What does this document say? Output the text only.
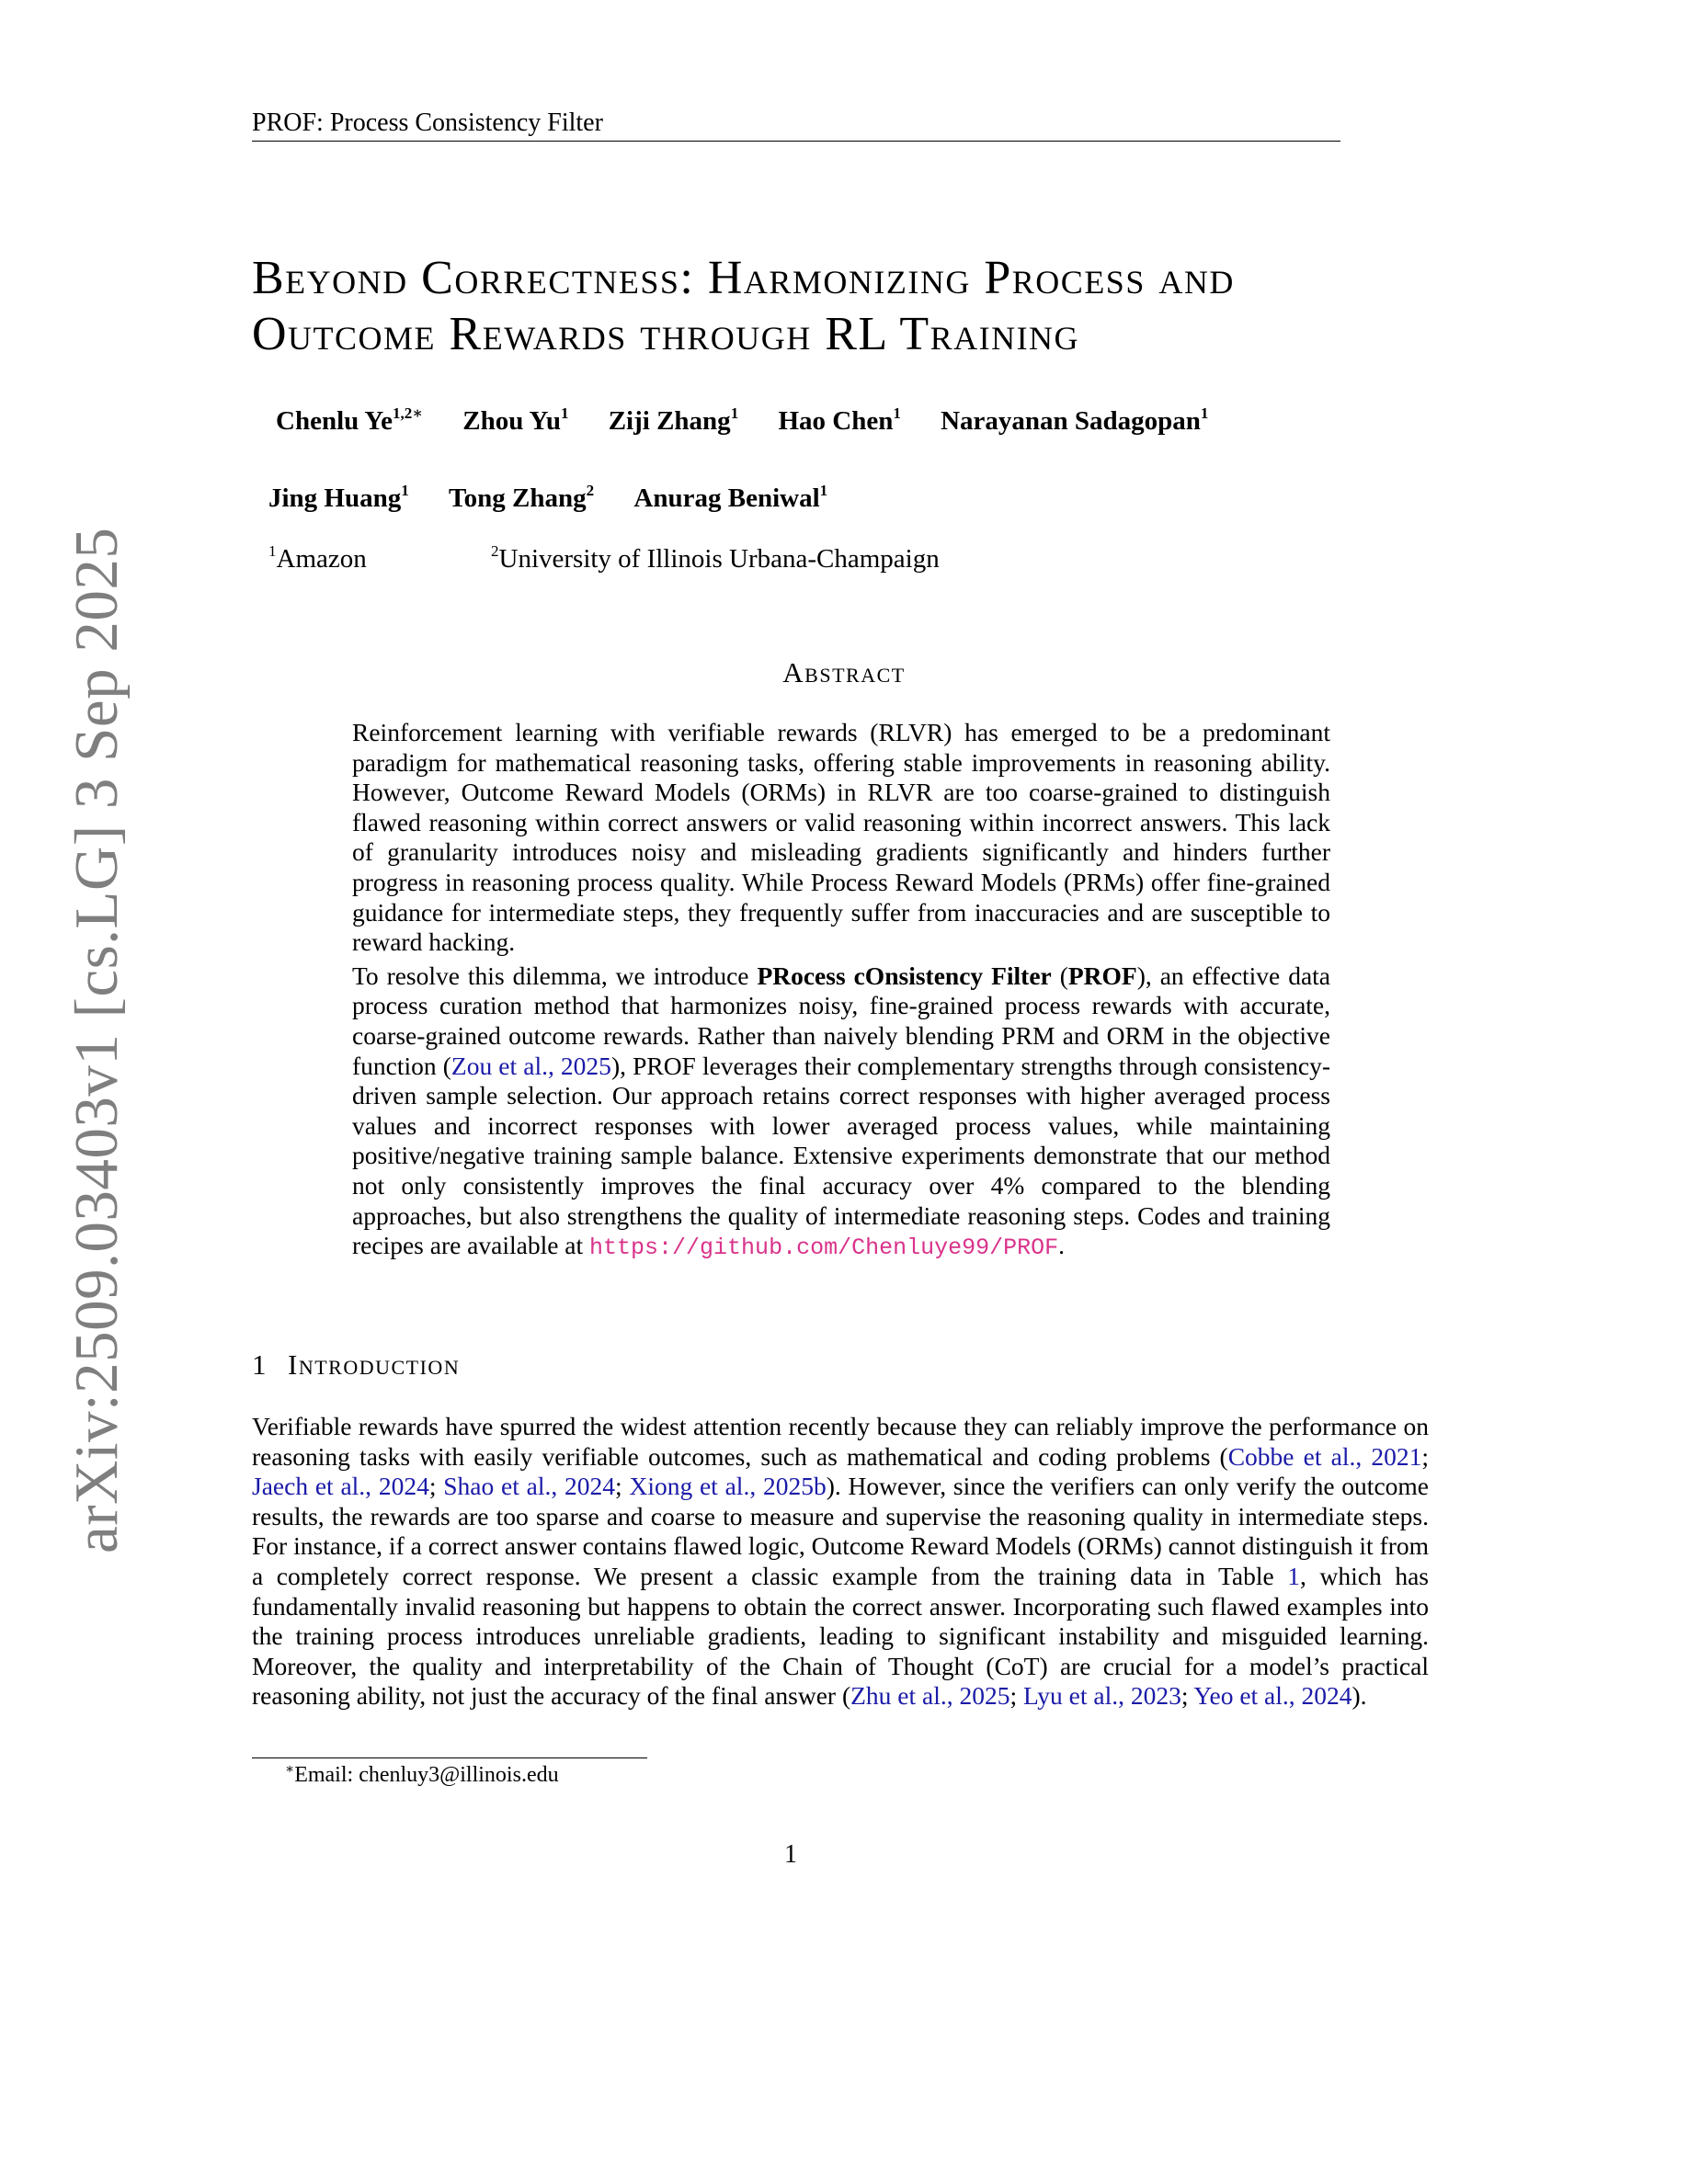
PROF: Process Consistency Filter
arXiv:2509.03403v1 [cs.LG] 3 Sep 2025
Beyond Correctness: Harmonizing Process and
Outcome Rewards through RL Training
Chenlu $Ye^{1,2∗}$ Zhou Yu$^1$ Ziji Zhang$^1$ Hao Chen$^1$ Narayanan Sadagopan$^1$
Jing Huang$^1$ Tong Zhang$^2$ Anurag Beniwal$^1$
$^1$Amazon	$^2$University of Illinois Urbana-Champaign
Abstract

Reinforcement learning with verifiable rewards (RLVR) has emerged to be a predominant paradigm for mathematical reasoning tasks, offering stable improvements in reasoning ability. However, Outcome Reward Models (ORMs) in RLVR are too coarse-grained to distinguish flawed reasoning within correct answers or valid reasoning within incorrect answers. This lack of granularity introduces noisy and misleading gradients significantly and hinders further progress in reasoning process quality. While Process Reward Models (PRMs) offer fine-grained guidance for intermediate steps, they frequently suffer from inaccuracies and are susceptible to reward hacking.

To resolve this dilemma, we introduce PRocess cOnsistency Filter (PROF), an effective data process curation method that harmonizes noisy, fine-grained process rewards with accurate, coarse-grained outcome rewards. Rather than naively blending PRM and ORM in the objective function (Zou et al., 2025), PROF leverages their complementary strengths through consistency-driven sample selection. Our approach retains correct responses with higher averaged process values and incorrect responses with lower averaged process values, while maintaining positive/negative training sample balance. Extensive experiments demonstrate that our method not only consistently improves the final accuracy over 4% compared to the blending approaches, but also strengthens the quality of intermediate reasoning steps. Codes and training recipes are available at https://github.com/Chenluye99/PROF.

1 Introduction

Verifiable rewards have spurred the widest attention recently because they can reliably improve the performance on reasoning tasks with easily verifiable outcomes, such as mathematical and coding problems (Cobbe et al., 2021; Jaech et al., 2024; Shao et al., 2024; Xiong et al., 2025b). However, since the verifiers can only verify the outcome results, the rewards are too sparse and coarse to measure and supervise the reasoning quality in intermediate steps. For instance, if a correct answer contains flawed logic, Outcome Reward Models (ORMs) cannot distinguish it from a completely correct response. We present a classic example from the training data in Table 1, which has fundamentally invalid reasoning but happens to obtain the correct answer. Incorporating such flawed examples into the training process introduces unreliable gradients, leading to significant instability and misguided learning. Moreover, the quality and interpretability of the Chain of Thought (CoT) are crucial for a model’s practical reasoning ability, not just the accuracy of the final answer (Zhu et al., 2025; Lyu et al., 2023; Yeo et al., 2024).

∗Email: chenluy3@illinois.edu
1
